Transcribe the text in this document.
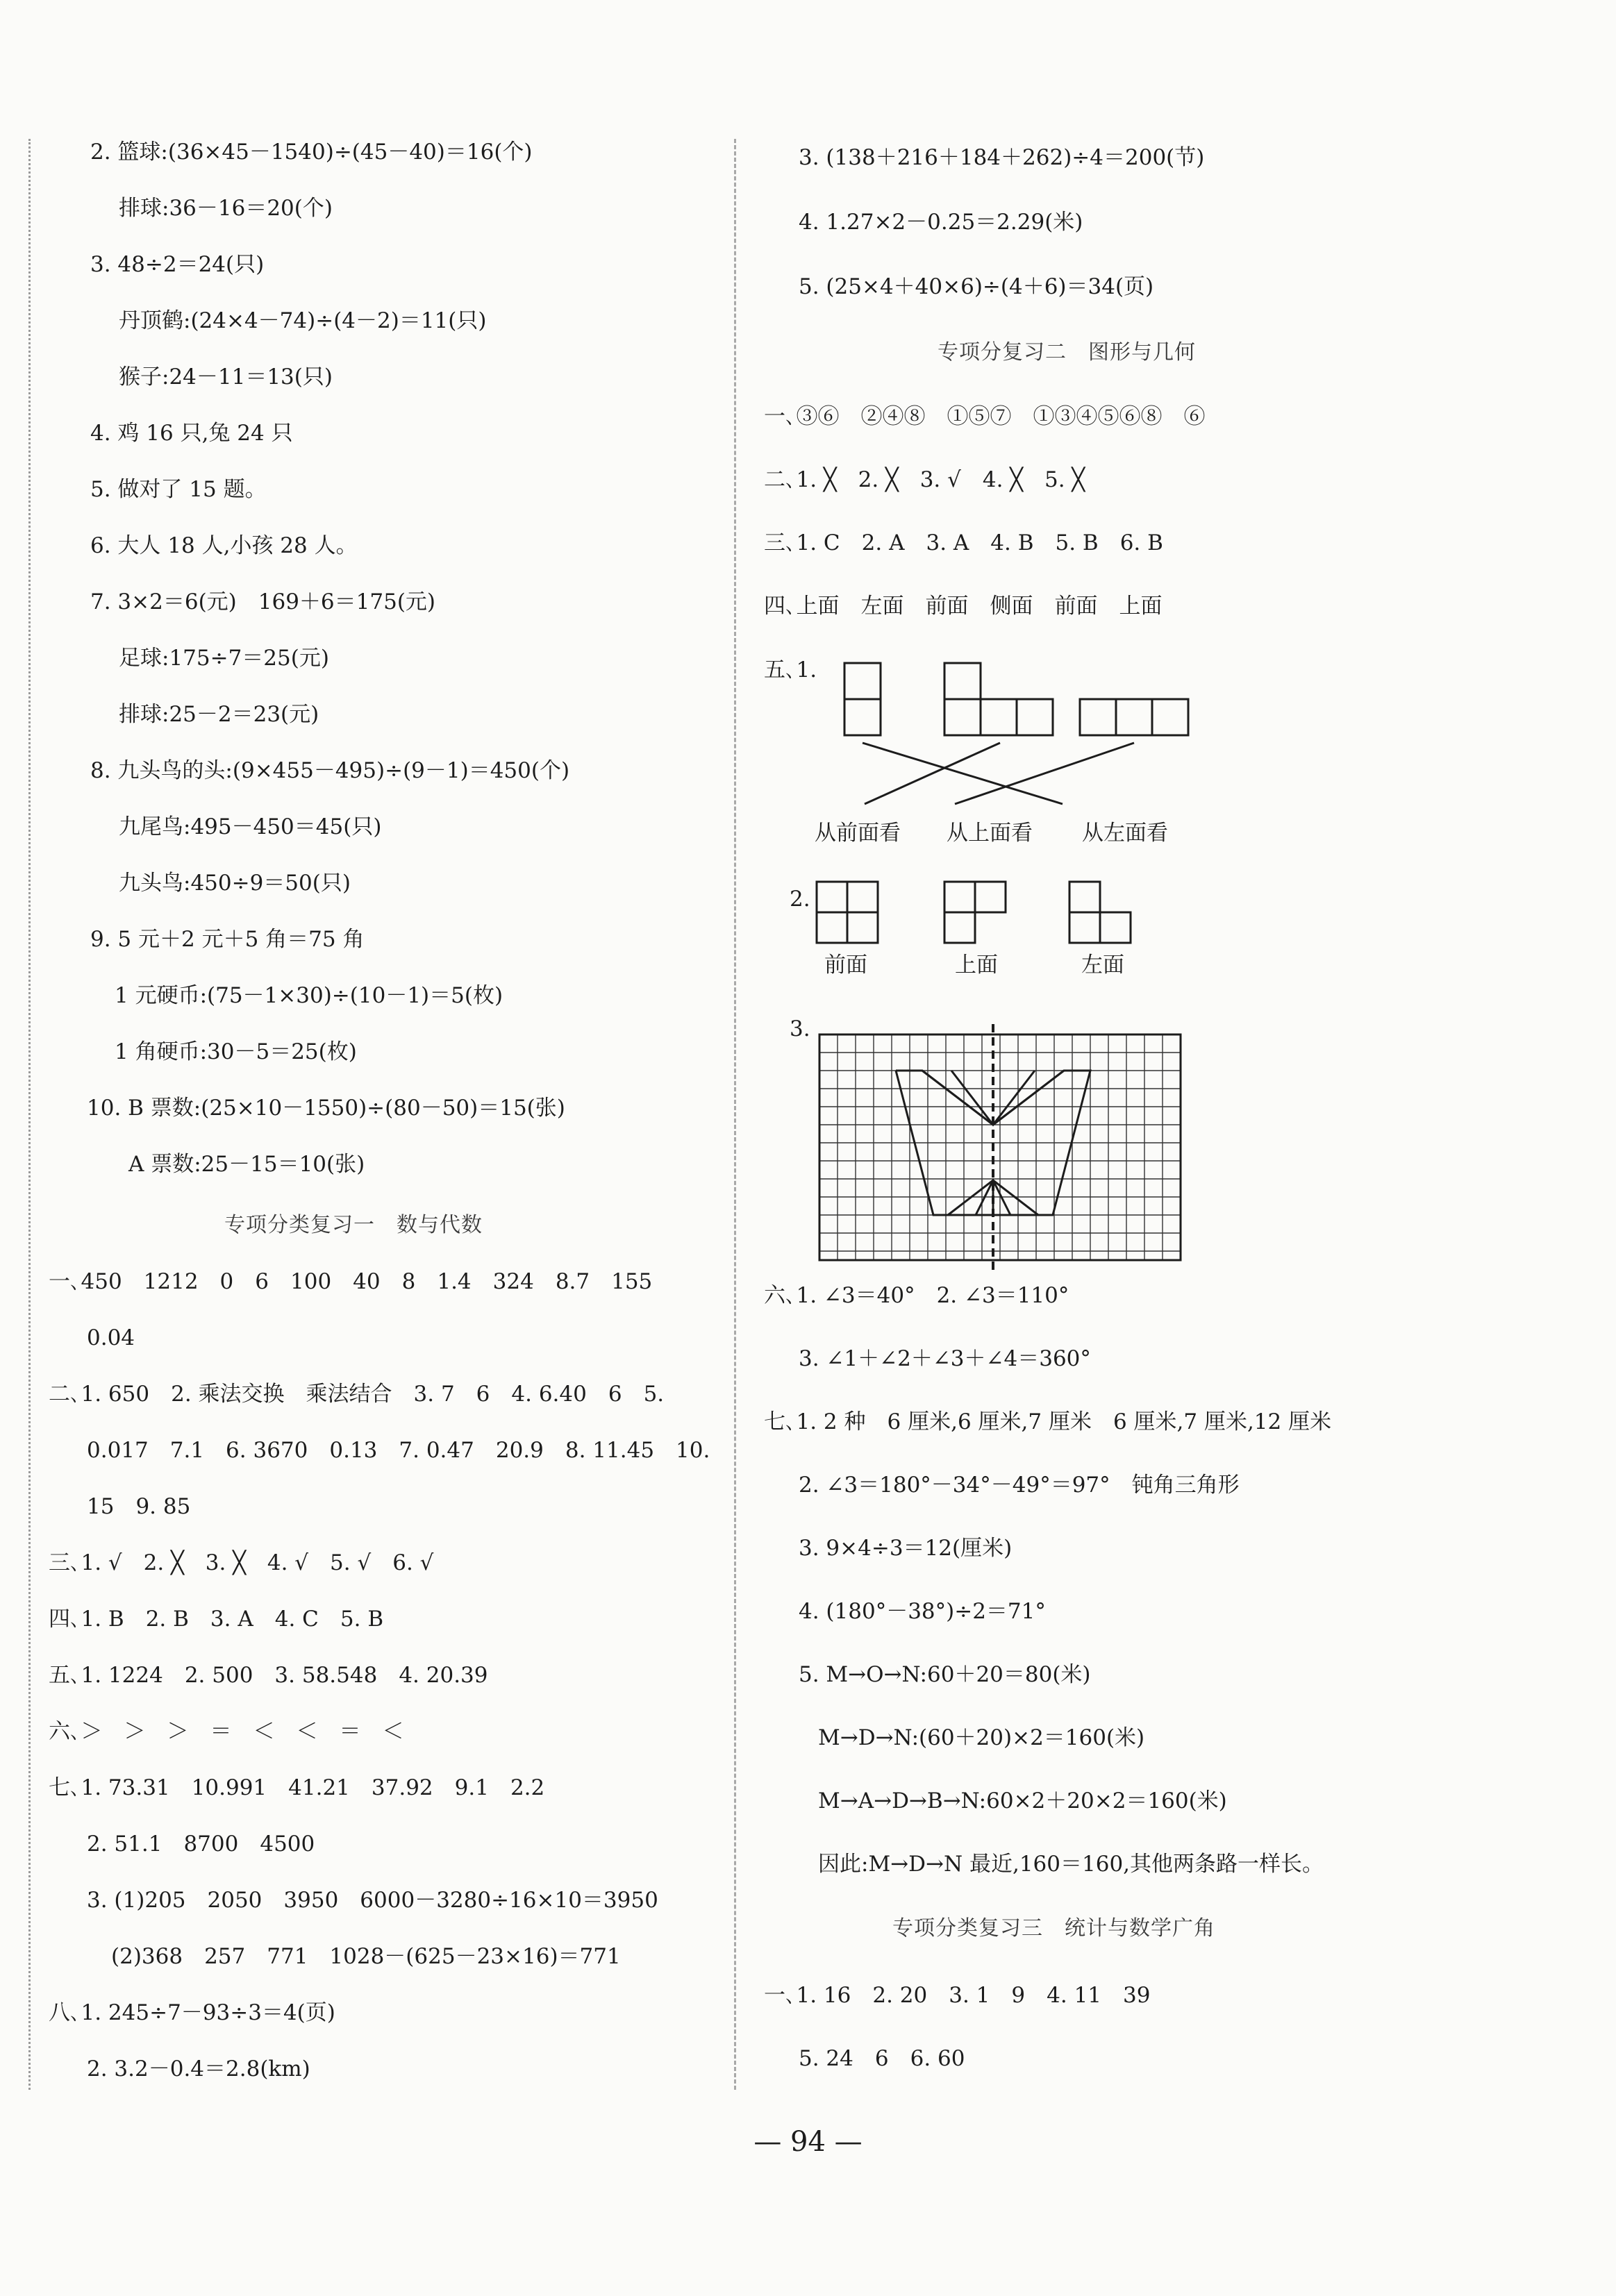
2. 篮球:(36×45－1540)÷(45－40)＝16(个)
排球:36－16＝20(个)
3. 48÷2＝24(只)
丹顶鹤:(24×4－74)÷(4－2)＝11(只)
猴子:24－11＝13(只)
4. 鸡 16 只,兔 24 只
5. 做对了 15 题。
6. 大人 18 人,小孩 28 人。
7. 3×2＝6(元)　169＋6＝175(元)
足球:175÷7＝25(元)
排球:25－2＝23(元)
8. 九头鸟的头:(9×455－495)÷(9－1)＝450(个)
九尾鸟:495－450＝45(只)
九头鸟:450÷9＝50(只)
9. 5 元＋2 元＋5 角＝75 角
1 元硬币:(75－1×30)÷(10－1)＝5(枚)
1 角硬币:30－5＝25(枚)
10. B 票数:(25×10－1550)÷(80－50)＝15(张)
A 票数:25－15＝10(张)
专项分类复习一　数与代数
一､450　1212　0　6　100　40　8　1.4　324　8.7　155
0.04
二､1. 650　2. 乘法交换　乘法结合　3. 7　6　4. 6.40　6　5.
0.017　7.1　6. 3670　0.13　7. 0.47　20.9　8. 11.45　10.
15　9. 85
三､1. √　2. ╳　3. ╳　4. √　5. √　6. √
四､1. B　2. B　3. A　4. C　5. B
五､1. 1224　2. 500　3. 58.548　4. 20.39
六､＞　＞　＞　＝　＜　＜　＝　＜
七､1. 73.31　10.991　41.21　37.92　9.1　2.2
2. 51.1　8700　4500
3. (1)205　2050　3950　6000－3280÷16×10＝3950
(2)368　257　771　1028－(625－23×16)＝771
八､1. 245÷7－93÷3＝4(页)
2. 3.2－0.4＝2.8(km)
3. (138＋216＋184＋262)÷4＝200(节)
4. 1.27×2－0.25＝2.29(米)
5. (25×4＋40×6)÷(4＋6)＝34(页)
专项分复习二　图形与几何
一､③⑥　②④⑧　①⑤⑦　①③④⑤⑥⑧　⑥
二､1. ╳　2. ╳　3. √　4. ╳　5. ╳
三､1. C　2. A　3. A　4. B　5. B　6. B
四､上面　左面　前面　侧面　前面　上面
五､1.
从前面看 从上面看 从左面看
2.
前面	上面	左面
3.
六､1. ∠3＝40°　2. ∠3＝110°
3. ∠1＋∠2＋∠3＋∠4＝360°
七､1. 2 种　6 厘米,6 厘米,7 厘米　6 厘米,7 厘米,12 厘米
2. ∠3＝180°－34°－49°＝97°　钝角三角形
3. 9×4÷3＝12(厘米)
4. (180°－38°)÷2＝71°
5. M→O→N:60＋20＝80(米)
M→D→N:(60＋20)×2＝160(米)
M→A→D→B→N:60×2＋20×2＝160(米)
因此:M→D→N 最近,160＝160,其他两条路一样长。
专项分类复习三　统计与数学广角
一､1. 16　2. 20　3. 1　9　4. 11　39
5. 24　6　6. 60
— 94 —
